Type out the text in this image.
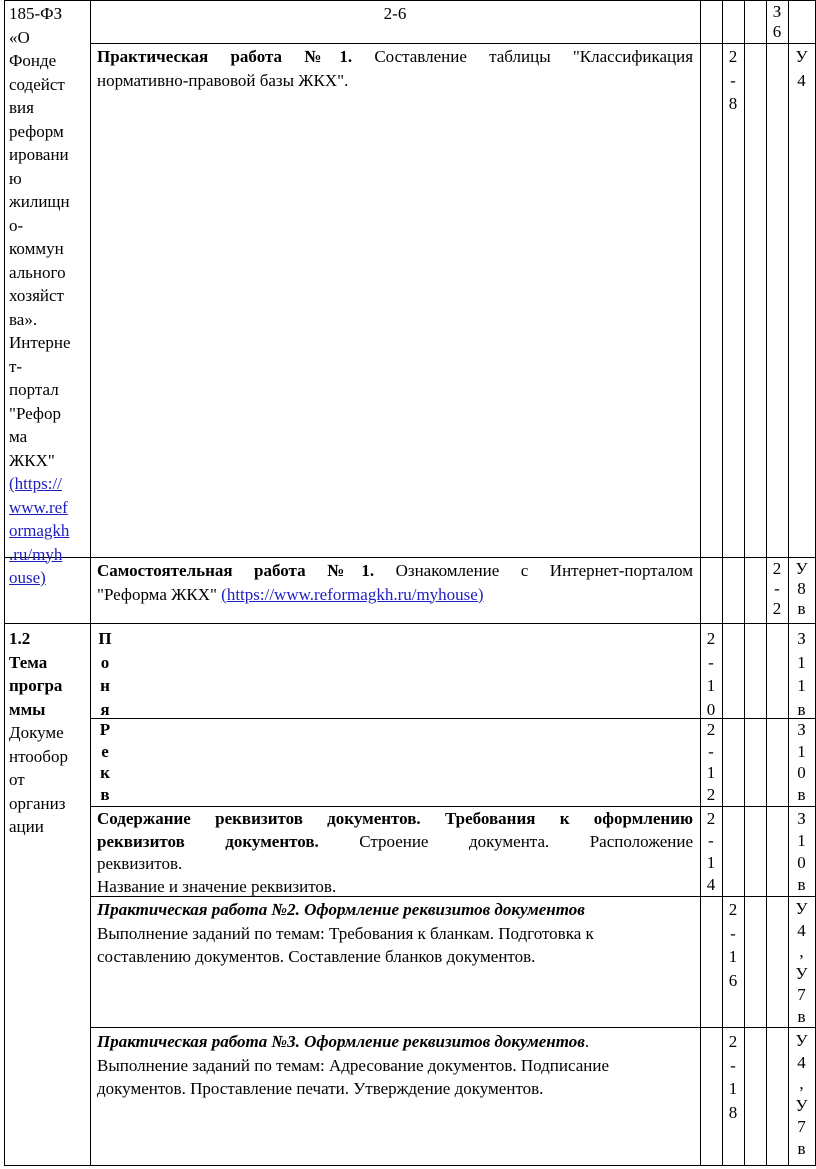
185-ФЗ
«О
Фонде
содейст
вия
реформ
ировани
ю
жилищн
о-
коммун
ального
хозяйст
ва».
Интерне
т-
портал
"Рефор
ма
ЖКХ"
(https://
www.ref
ormagkh
.ru/myh
ouse)
2-6	З
6
Практическая работа №1. Составление таблицы "Классификация
нормативно-правовой базы ЖКХ".
2
-
8
У
4
Самостоятельная работа №1. Ознакомление с Интернет-порталом
"Реформа ЖКХ" (https://www.reformagkh.ru/myhouse)
2
-
2
У
8
в
1.2
Тема
програ
ммы
Докуме
нтообор
от
организ
ации
П
о
н
я
2
-
1
0
З
1
1
в
Р
е
к
в
2
-
1
2
З
1
0
в
Содержание реквизитов документов. Требования к оформлению
реквизитов документов. Строение документа. Расположение
реквизитов.
Название и значение реквизитов.
2
-
1
4
З
1
0
в
Практическая работа №2. Оформление реквизитов документов
Выполнение заданий по темам: Требования к бланкам. Подготовка к составлению документов. Составление бланков документов.
2
-
1
6
У
4
,
У
7
в
Практическая работа №3. Оформление реквизитов документов.
Выполнение заданий по темам: Адресование документов. Подписание документов. Проставление печати. Утверждение документов.
2
-
1
8
У
4
,
У
7
в
